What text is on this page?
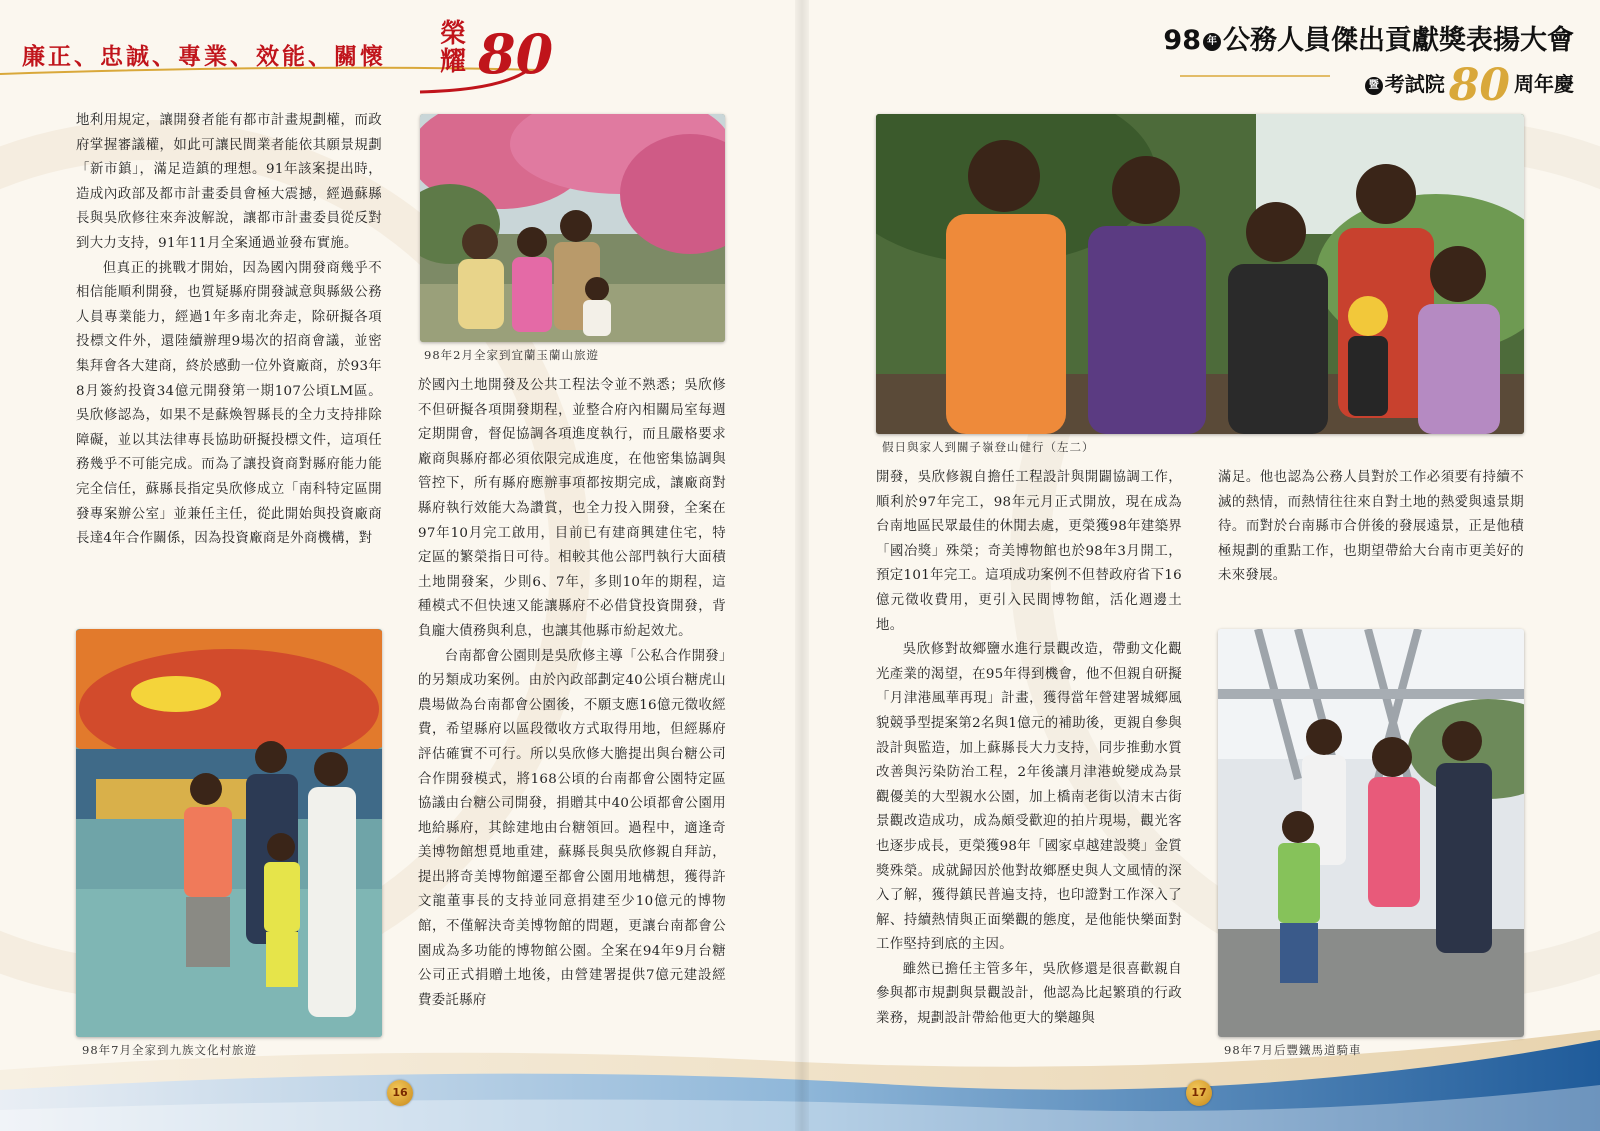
廉正、忠誠、專業、效能、關懷
榮耀 80	98 年 公務人員傑出貢獻獎表揚大會
暨 考試院80 周年慶

地利用規定，讓開發者能有都市計畫規劃權，而政府掌握審議權，如此可讓民間業者能依其願景規劃「新市鎮」，滿足造鎮的理想。91年該案提出時，造成內政部及都市計畫委員會極大震撼，經過蘇縣長與吳欣修往來奔波解說，讓都市計畫委員從反對到大力支持，91年11月全案通過並發布實施。

但真正的挑戰才開始，因為國內開發商幾乎不相信能順利開發，也質疑縣府開發誠意與縣級公務人員專業能力，經過1年多南北奔走，除研擬各項投標文件外，還陸續辦理9場次的招商會議，並密集拜會各大建商，終於感動一位外資廠商，於93年8月簽約投資34億元開發第一期107公頃LM區。吳欣修認為，如果不是蘇煥智縣長的全力支持排除障礙，並以其法律專長協助研擬投標文件，這項任務幾乎不可能完成。而為了讓投資商對縣府能力能完全信任，蘇縣長指定吳欣修成立「南科特定區開發專案辦公室」並兼任主任，從此開始與投資廠商長達4年合作關係，因為投資廠商是外商機構，對

98年2月全家到宜蘭玉蘭山旅遊

於國內土地開發及公共工程法令並不熟悉；吳欣修不但研擬各項開發期程，並整合府內相關局室每週定期開會，督促協調各項進度執行，而且嚴格要求廠商與縣府都必須依限完成進度，在他密集協調與管控下，所有縣府應辦事項都按期完成，讓廠商對縣府執行效能大為讚賞，也全力投入開發，全案在97年10月完工啟用，目前已有建商興建住宅，特定區的繁榮指日可待。相較其他公部門執行大面積土地開發案，少則6、7年，多則10年的期程，這種模式不但快速又能讓縣府不必借貸投資開發，背負龐大債務與利息，也讓其他縣市紛起效尤。

台南都會公園則是吳欣修主導「公私合作開發」的另類成功案例。由於內政部劃定40公頃台糖虎山農場做為台南都會公園後，不願支應16億元徵收經費，希望縣府以區段徵收方式取得用地，但經縣府評估確實不可行。所以吳欣修大膽提出與台糖公司合作開發模式，將168公頃的台南都會公園特定區協議由台糖公司開發，捐贈其中40公頃都會公園用地給縣府，其餘建地由台糖領回。過程中，適逢奇美博物館想覓地重建，蘇縣長與吳欣修親自拜訪，提出將奇美博物館遷至都會公園用地構想，獲得許文龍董事長的支持並同意捐建至少10億元的博物館，不僅解決奇美博物館的問題，更讓台南都會公園成為多功能的博物館公園。全案在94年9月台糖公司正式捐贈土地後，由營建署提供7億元建設經費委託縣府

98年7月全家到九族文化村旅遊
16
假日與家人到關子嶺登山健行（左二）

開發，吳欣修親自擔任工程設計與開闢協調工作，順利於97年完工，98年元月正式開放，現在成為台南地區民眾最佳的休閒去處，更榮獲98年建築界「國冶獎」殊榮；奇美博物館也於98年3月開工，預定101年完工。這項成功案例不但替政府省下16億元徵收費用，更引入民間博物館，活化週邊土地。

吳欣修對故鄉鹽水進行景觀改造，帶動文化觀光產業的渴望，在95年得到機會，他不但親自研擬「月津港風華再現」計畫，獲得當年營建署城鄉風貌競爭型提案第2名與1億元的補助後，更親自參與設計與監造，加上蘇縣長大力支持，同步推動水質改善與污染防治工程，2年後讓月津港蛻變成為景觀優美的大型親水公園，加上橋南老街以清末古街景觀改造成功，成為頗受歡迎的拍片現場，觀光客也逐步成長，更榮獲98年「國家卓越建設獎」金質獎殊榮。成就歸因於他對故鄉歷史與人文風情的深入了解，獲得鎮民普遍支持，也印證對工作深入了解、持續熱情與正面樂觀的態度，是他能快樂面對工作堅持到底的主因。

雖然已擔任主管多年，吳欣修還是很喜歡親自參與都市規劃與景觀設計，他認為比起繁瑣的行政業務，規劃設計帶給他更大的樂趣與

滿足。他也認為公務人員對於工作必須要有持續不滅的熱情，而熱情往往來自對土地的熱愛與遠景期待。而對於台南縣市合併後的發展遠景，正是他積極規劃的重點工作，也期望帶給大台南市更美好的未來發展。

98年7月后豐鐵馬道騎車
17
